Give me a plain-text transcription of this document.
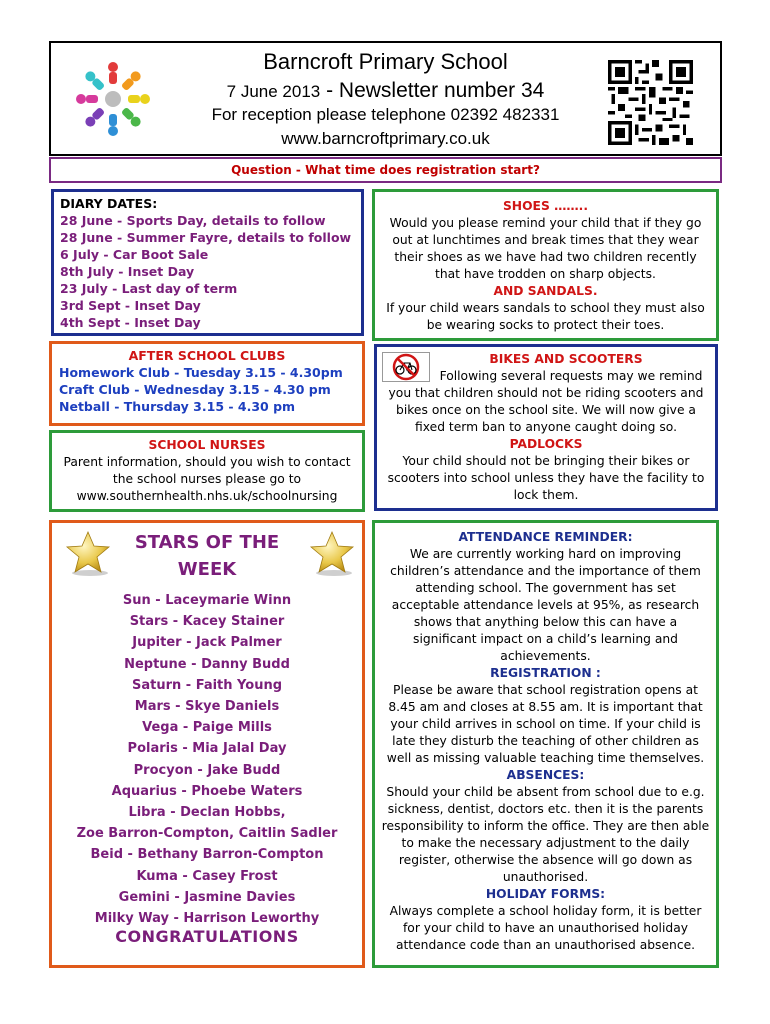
Barncroft Primary School
7 June 2013 - Newsletter number 34
For reception please telephone 02392 482331
www.barncroftprimary.co.uk
Question - What time does registration start?
DIARY DATES:
28 June - Sports Day, details to follow
28 June - Summer Fayre, details to follow
6 July - Car Boot Sale
8th July - Inset Day
23 July - Last day of term
3rd Sept - Inset Day
4th Sept - Inset Day
SHOES ……..
Would you please remind your child that if they go out at lunchtimes and break times that they wear their shoes as we have had two children recently that have trodden on sharp objects.
AND SANDALS.
If your child wears sandals to school they must also be wearing socks to protect their toes.
AFTER SCHOOL CLUBS
Homework Club - Tuesday 3.15 - 4.30pm
Craft Club - Wednesday 3.15 - 4.30 pm
Netball - Thursday 3.15 - 4.30 pm
BIKES AND SCOOTERS
Following several requests may we remind you that children should not be riding scooters and bikes once on the school site. We will now give a fixed term ban to anyone caught doing so.
PADLOCKS
Your child should not be bringing their bikes or scooters into school unless they have the facility to lock them.
SCHOOL NURSES
Parent information, should you wish to contact the school nurses please go to www.southernhealth.nhs.uk/schoolnursing
STARS OF THE
WEEK
Sun - Laceymarie Winn
Stars - Kacey Stainer
Jupiter - Jack Palmer
Neptune - Danny Budd
Saturn - Faith Young
Mars - Skye Daniels
Vega - Paige Mills
Polaris - Mia Jalal Day
Procyon - Jake Budd
Aquarius - Phoebe Waters
Libra - Declan Hobbs,
Zoe Barron-Compton, Caitlin Sadler
Beid - Bethany Barron-Compton
Kuma - Casey Frost
Gemini - Jasmine Davies
Milky Way - Harrison Leworthy
CONGRATULATIONS
ATTENDANCE REMINDER:
We are currently working hard on improving children’s attendance and the importance of them attending school. The government has set acceptable attendance levels at 95%, as research shows that anything below this can have a significant impact on a child’s learning and achievements.
REGISTRATION :
Please be aware that school registration opens at 8.45 am and closes at 8.55 am. It is important that your child arrives in school on time. If your child is late they disturb the teaching of other children as well as missing valuable teaching time themselves.
ABSENCES:
Should your child be absent from school due to e.g. sickness, dentist, doctors etc. then it is the parents responsibility to inform the office. They are then able to make the necessary adjustment to the daily register, otherwise the absence will go down as unauthorised.
HOLIDAY FORMS:
Always complete a school holiday form, it is better for your child to have an unauthorised holiday attendance code than an unauthorised absence.
